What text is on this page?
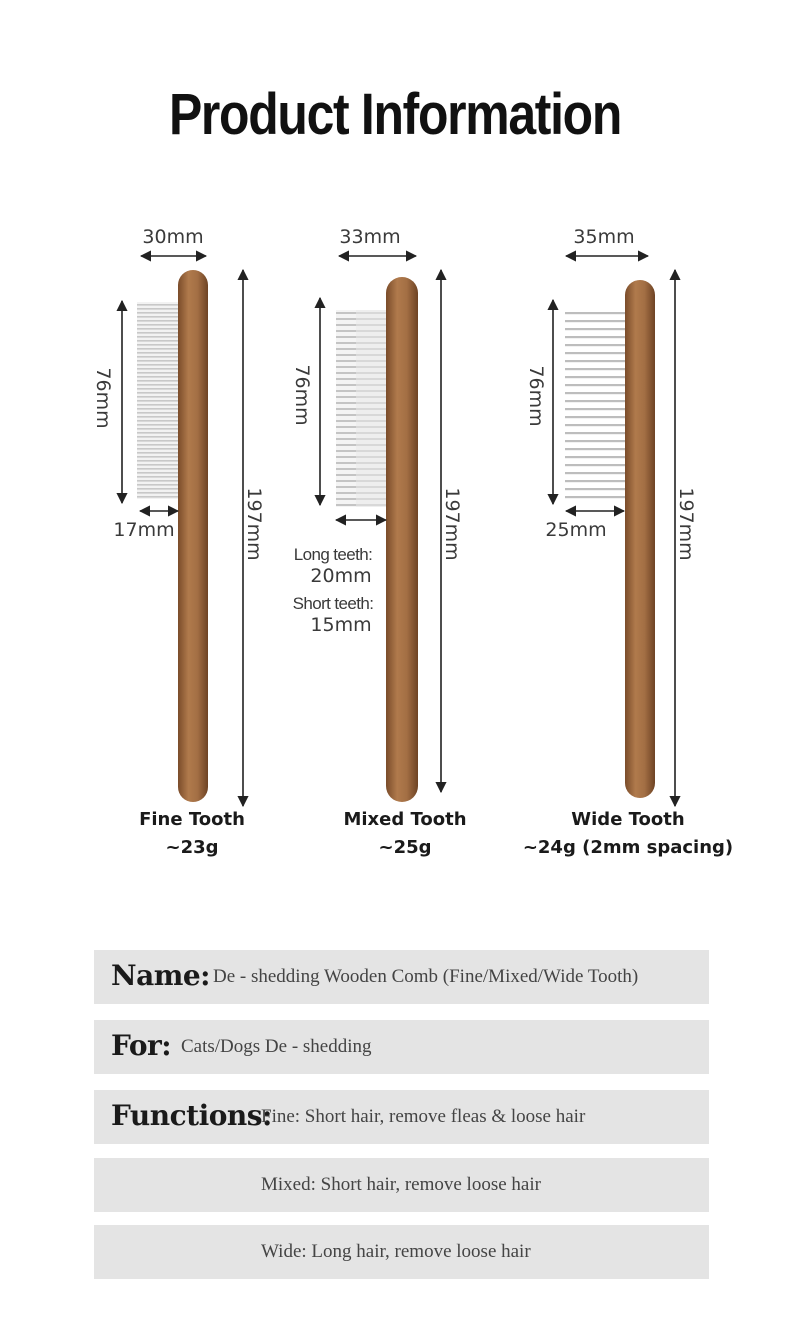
Product Information
30mm
76mm
17mm	197mm
33mm
76mm
Long teeth:
20mm
Short teeth:
15mm
197mm
35mm
76mm
25mm	197mm
Fine Tooth
~23g
Mixed Tooth
~25g
Wide Tooth
~24g (2mm spacing)
Name: De - shedding Wooden Comb (Fine/Mixed/Wide Tooth)
For: Cats/Dogs De - shedding
Functions:
Fine: Short hair, remove fleas & loose hair
Mixed: Short hair, remove loose hair
Wide: Long hair, remove loose hair
